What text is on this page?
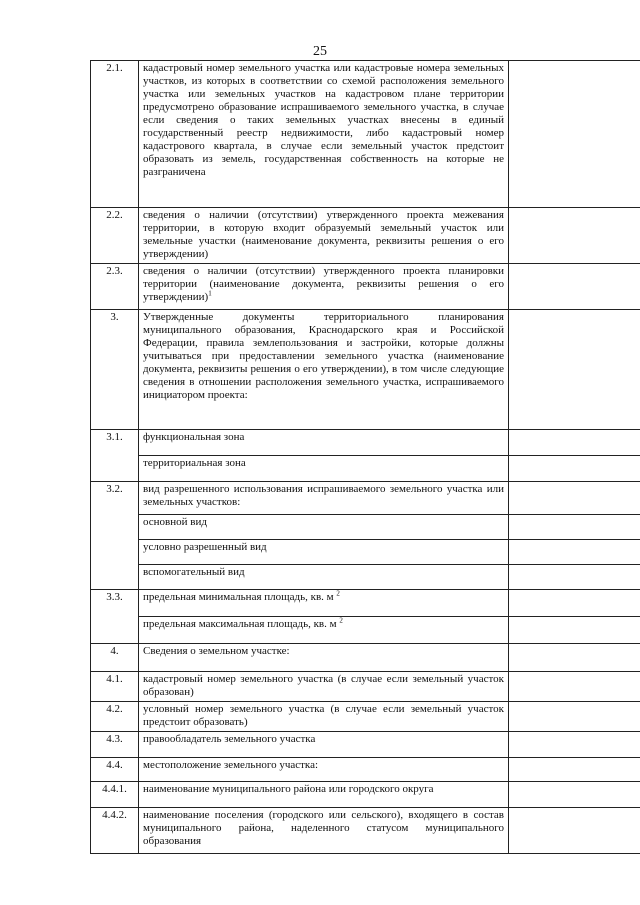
25
2.1.	кадастровый номер земельного участка или кадастровые номера земельных участков, из которых в соответствии со схемой расположения земельного участка или земельных участков на кадастровом плане территории предусмотрено образование испрашиваемого земельного участка, в случае если сведения о таких земельных участках внесены в единый государственный реестр недвижимости, либо кадастровый номер кадастрового квартала, в случае если земельный участок предстоит образовать из земель, государственная собственность на которые не разграничена	
2.2.	сведения о наличии (отсутствии) утвержденного проекта межевания территории, в которую входит образуемый земельный участок или земельные участки (наименование документа, реквизиты решения о его утверждении)	
2.3.	сведения о наличии (отсутствии) утвержденного проекта планировки территории (наименование документа, реквизиты решения о его утверждении)$^1$	
3.	Утвержденные документы территориального планирования муниципального образования, Краснодарского края и Российской Федерации, правила землепользования и застройки, которые должны учитываться при предоставлении земельного участка (наименование документа, реквизиты решения о его утверждении), в том числе следующие сведения в отношении расположения земельного участка, испрашиваемого инициатором проекта:	
3.1.	функциональная зона	
	территориальная зона	
3.2.	вид разрешенного использования испрашиваемого земельного участка или земельных участков:	
	основной вид	
	условно разрешенный вид	
	вспомогательный вид	
3.3.	предельная минимальная площадь, кв. м $^2$	
	предельная максимальная площадь, кв. м $^2$	
4.	Сведения о земельном участке:	
4.1.	кадастровый номер земельного участка (в случае если земельный участок образован)	
4.2.	условный номер земельного участка (в случае если земельный участок предстоит образовать)	
4.3.	правообладатель земельного участка	
4.4.	местоположение земельного участка:	
4.4.1.	наименование муниципального района или городского округа	
4.4.2.	наименование поселения (городского или сельского), входящего в состав муниципального района, наделенного статусом муниципального образования	
